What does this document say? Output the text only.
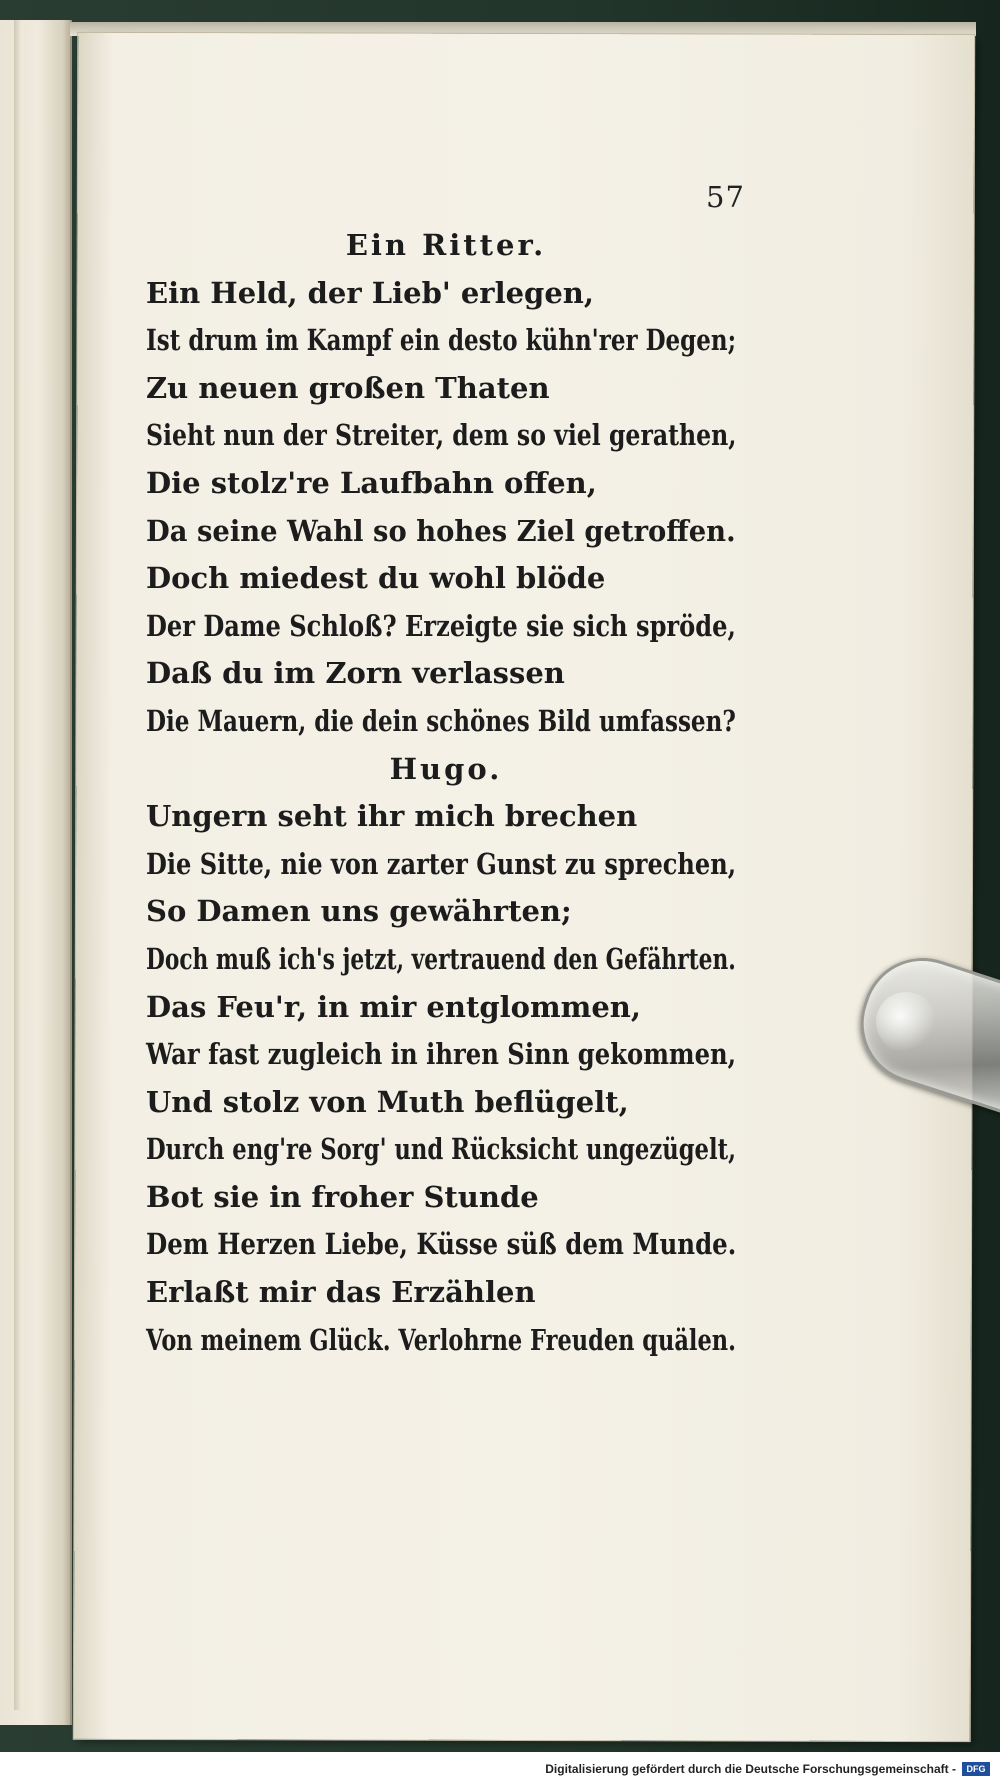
57
Ein Ritter.
Ein Held, der Lieb' erlegen,
Ist drum im Kampf ein desto kühn'rer Degen;
Zu neuen großen Thaten
Sieht nun der Streiter, dem so viel gerathen,
Die stolz're Laufbahn offen,
Da seine Wahl so hohes Ziel getroffen.
Doch miedest du wohl blöde
Der Dame Schloß? Erzeigte sie sich spröde,
Daß du im Zorn verlassen
Die Mauern, die dein schönes Bild umfassen?
Hugo.
Ungern seht ihr mich brechen
Die Sitte, nie von zarter Gunst zu sprechen,
So Damen uns gewährten;
Doch muß ich's jetzt, vertrauend den Gefährten.
Das Feu'r, in mir entglommen,
War fast zugleich in ihren Sinn gekommen,
Und stolz von Muth beflügelt,
Durch eng're Sorg' und Rücksicht ungezügelt,
Bot sie in froher Stunde
Dem Herzen Liebe, Küsse süß dem Munde.
Erlaßt mir das Erzählen
Von meinem Glück. Verlohrne Freuden quälen.
Digitalisierung gefördert durch die Deutsche Forschungsgemeinschaft -	DFG
